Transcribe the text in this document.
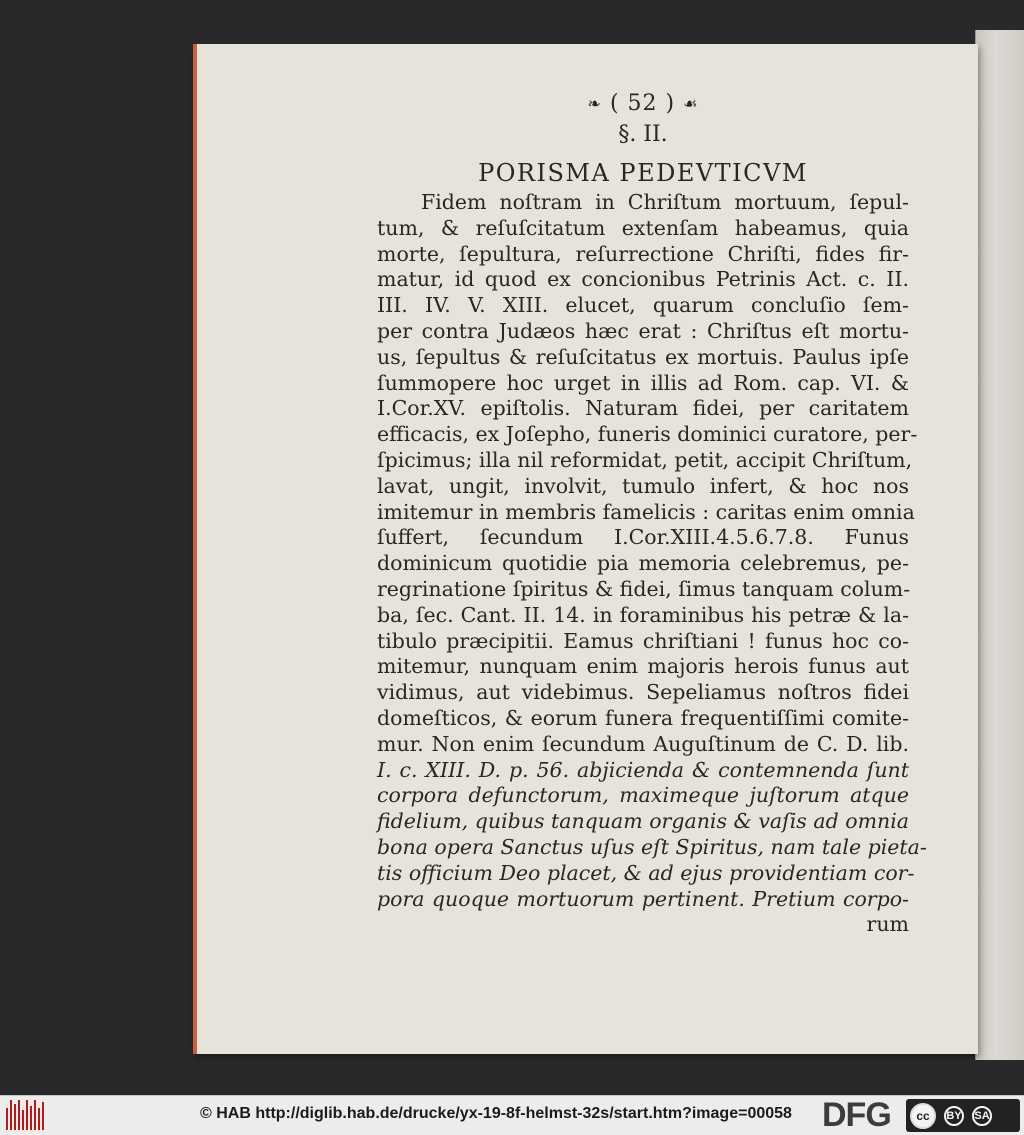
❧ ( 52 ) ☙
§. II.
PORISMA PEDEVTICVM
Fidem noſtram in Chriſtum mortuum, ſepul-
tum, & reſuſcitatum extenſam habeamus, quia
morte, ſepultura, reſurrectione Chriſti, fides fir-
matur, id quod ex concionibus Petrinis Act. c. II.
III. IV. V. XIII. elucet, quarum concluſio ſem-
per contra Judæos hæc erat : Chriſtus eſt mortu-
us, ſepultus & reſuſcitatus ex mortuis. Paulus ipſe
ſummopere hoc urget in illis ad Rom. cap. VI. &
I.Cor.XV. epiſtolis. Naturam fidei, per caritatem
efficacis, ex Joſepho, funeris dominici curatore, per-
ſpicimus; illa nil reformidat, petit, accipit Chriſtum,
lavat, ungit, involvit, tumulo infert, & hoc nos
imitemur in membris famelicis : caritas enim omnia
ſuffert, ſecundum I.Cor.XIII.4.5.6.7.8. Funus
dominicum quotidie pia memoria celebremus, pe-
regrinatione ſpiritus & fidei, ſimus tanquam colum-
ba, ſec. Cant. II. 14. in foraminibus his petræ & la-
tibulo præcipitii. Eamus chriſtiani ! funus hoc co-
mitemur, nunquam enim majoris herois funus aut
vidimus, aut videbimus. Sepeliamus noſtros fidei
domeſticos, & eorum funera frequentiſſimi comite-
mur. Non enim ſecundum Auguſtinum de C. D. lib.
I. c. XIII. D. p. 56. abjicienda & contemnenda ſunt
corpora defunctorum, maximeque juſtorum atque
fidelium, quibus tanquam organis & vaſis ad omnia
bona opera Sanctus uſus eſt Spiritus, nam tale pieta-
tis officium Deo placet, & ad ejus providentiam cor-
pora quoque mortuorum pertinent. Pretium corpo-
rum
© HAB http://diglib.hab.de/drucke/yx-19-8f-helmst-32s/start.htm?image=00058 DFG	cc	BY SA
